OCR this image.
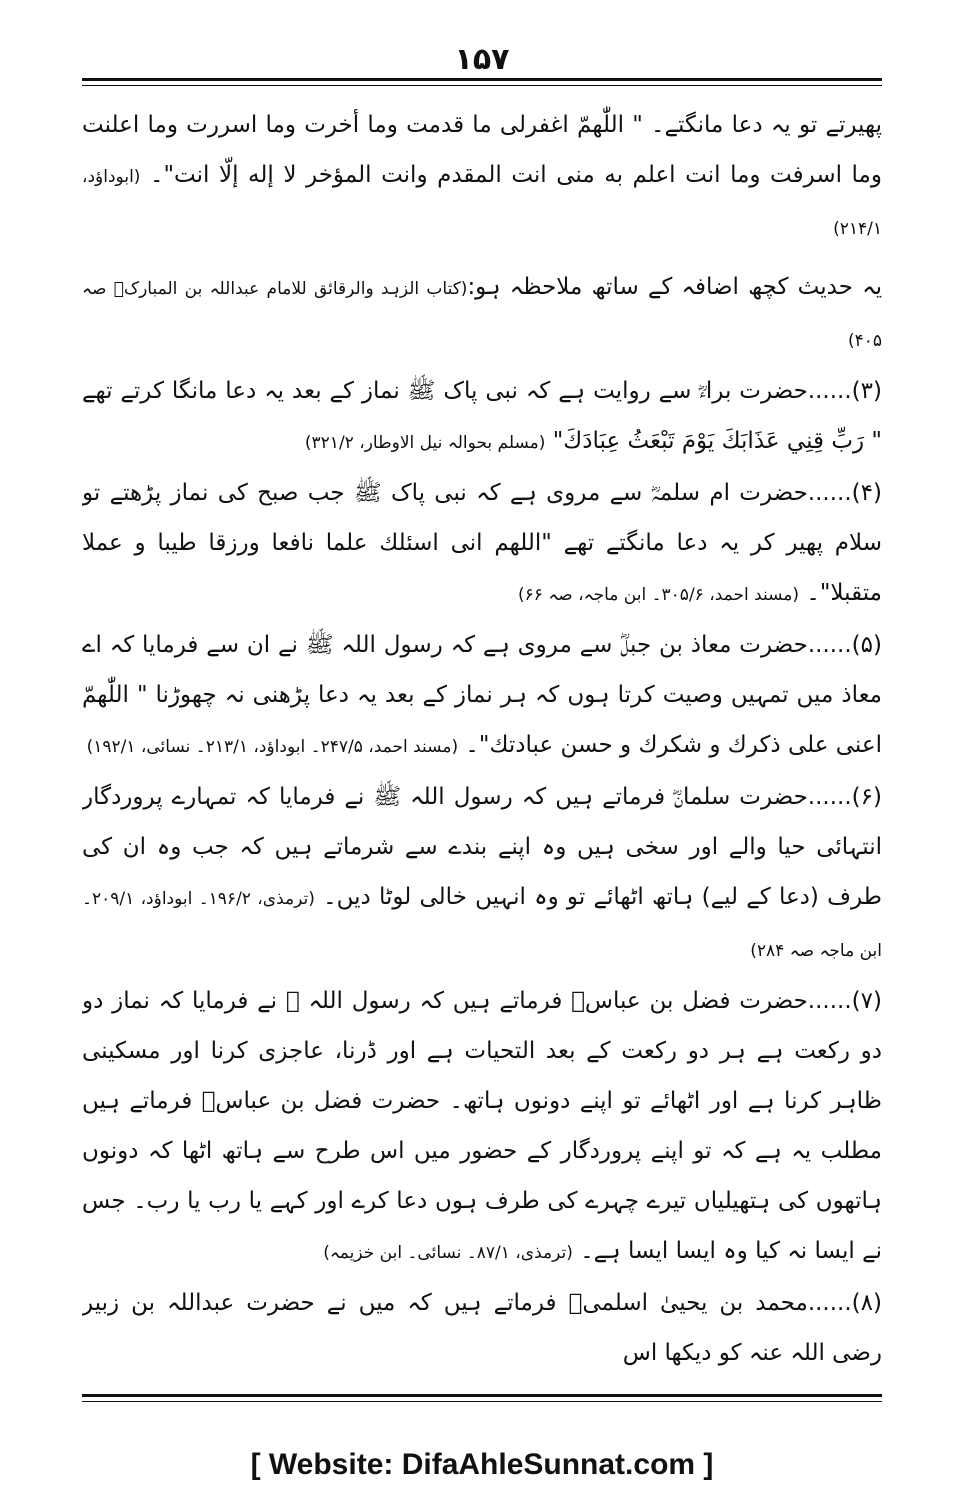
۱۵۷

پھیرتے تو یہ دعا مانگتے۔ " اللّٰھمّ اغفرلی ما قدمت وما أخرت وما اسررت وما اعلنت وما اسرفت وما انت اعلم به منی انت المقدم وانت المؤخر لا إله إلّا انت"۔ (ابوداؤد، ۲۱۴/۱)

یہ حدیث کچھ اضافہ کے ساتھ ملاحظہ ہو:(کتاب الزہد والرقائق للامام عبداللہ بن المبارکؒ صہ ۴۰۵)

(۳)......حضرت براءؓ سے روایت ہے کہ نبی پاک ﷺ نماز کے بعد یہ دعا مانگا کرتے تھے " رَبِّ قِنِي عَذَابَكَ يَوْمَ تَبْعَثُ عِبَادَكَ" (مسلم بحوالہ نیل الاوطار، ۳۲۱/۲)

(۴)......حضرت ام سلمہؓ سے مروی ہے کہ نبی پاک ﷺ جب صبح کی نماز پڑھتے تو سلام پھیر کر یہ دعا مانگتے تھے "اللھم انی اسئلك علما نافعا ورزقا طیبا و عملا متقبلا"۔ (مسند احمد، ۳۰۵/۶۔ ابن ماجہ، صہ ۶۶)

(۵)......حضرت معاذ بن جبلؓ سے مروی ہے کہ رسول اللہ ﷺ نے ان سے فرمایا کہ اے معاذ میں تمہیں وصیت کرتا ہوں کہ ہر نماز کے بعد یہ دعا پڑھنی نہ چھوڑنا " اللّٰھمّ اعنی علی ذکرك و شکرك و حسن عبادتك"۔ (مسند احمد، ۲۴۷/۵۔ ابوداؤد، ۲۱۳/۱۔ نسائی، ۱۹۲/۱)

(۶)......حضرت سلمانؓ فرماتے ہیں کہ رسول اللہ ﷺ نے فرمایا کہ تمہارے پروردگار انتہائی حیا والے اور سخی ہیں وہ اپنے بندے سے شرماتے ہیں کہ جب وہ ان کی طرف (دعا کے لیے) ہاتھ اٹھائے تو وہ انہیں خالی لوٹا دیں۔ (ترمذی، ۱۹۶/۲۔ ابوداؤد، ۲۰۹/۱۔ ابن ماجہ صہ ۲۸۴)

(۷)......حضرت فضل بن عباسؓ فرماتے ہیں کہ رسول اللہ ﷺ نے فرمایا کہ نماز دو دو رکعت ہے ہر دو رکعت کے بعد التحیات ہے اور ڈرنا، عاجزی کرنا اور مسکینی ظاہر کرنا ہے اور اٹھائے تو اپنے دونوں ہاتھ۔ حضرت فضل بن عباسؓ فرماتے ہیں مطلب یہ ہے کہ تو اپنے پروردگار کے حضور میں اس طرح سے ہاتھ اٹھا کہ دونوں ہاتھوں کی ہتھیلیاں تیرے چہرے کی طرف ہوں دعا کرے اور کہے یا رب یا رب۔ جس نے ایسا نہ کیا وہ ایسا ایسا ہے۔ (ترمذی، ۸۷/۱۔ نسائی۔ ابن خزیمہ)

(۸)......محمد بن یحییٰ اسلمیؒ فرماتے ہیں کہ میں نے حضرت عبداللہ بن زبیر رضی اللہ عنہ کو دیکھا اس

[ Website: DifaAhleSunnat.com ]
